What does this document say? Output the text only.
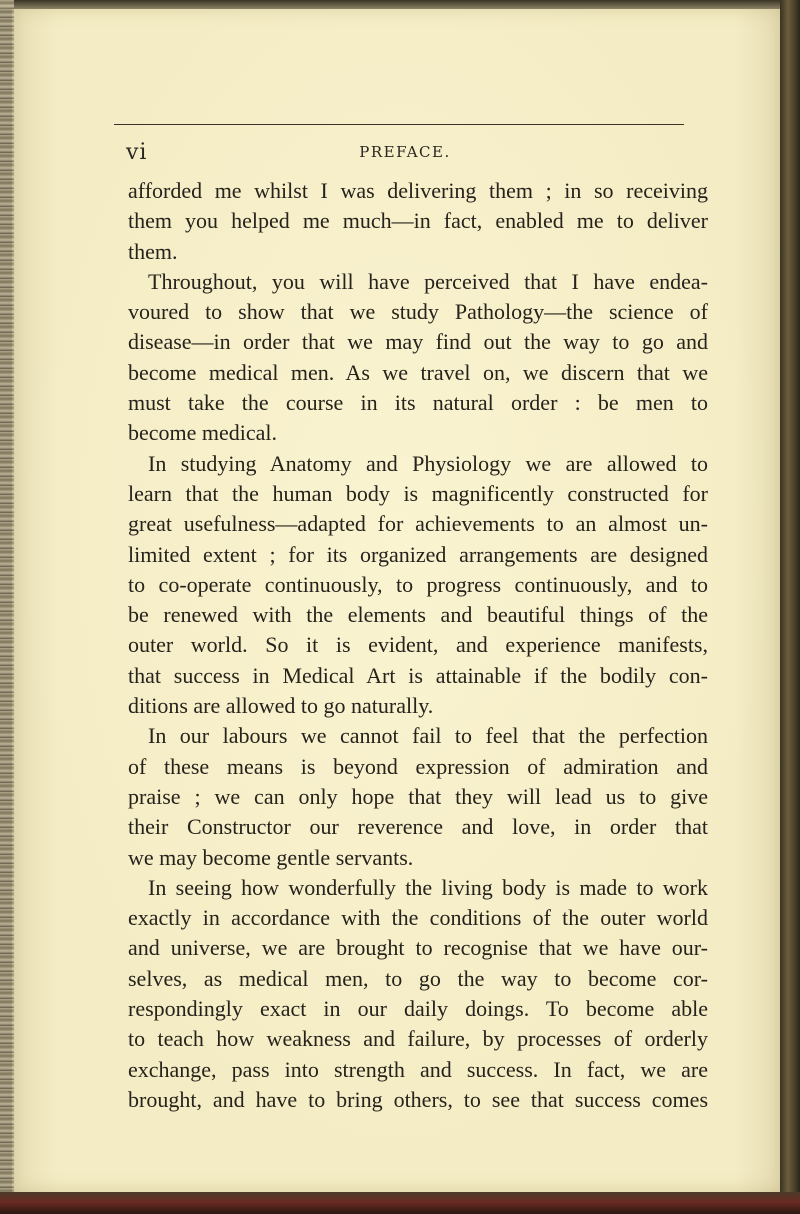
vi	PREFACE.
afforded me whilst I was delivering them ; in so receiving
them you helped me much—in fact, enabled me to deliver
them.
Throughout, you will have perceived that I have endea-
voured to show that we study Pathology—the science of
disease—in order that we may find out the way to go and
become medical men. As we travel on, we discern that we
must take the course in its natural order : be men to
become medical.
In studying Anatomy and Physiology we are allowed to
learn that the human body is magnificently constructed for
great usefulness—adapted for achievements to an almost un-
limited extent ; for its organized arrangements are designed
to co-operate continuously, to progress continuously, and to
be renewed with the elements and beautiful things of the
outer world. So it is evident, and experience manifests,
that success in Medical Art is attainable if the bodily con-
ditions are allowed to go naturally.
In our labours we cannot fail to feel that the perfection
of these means is beyond expression of admiration and
praise ; we can only hope that they will lead us to give
their Constructor our reverence and love, in order that
we may become gentle servants.
In seeing how wonderfully the living body is made to work
exactly in accordance with the conditions of the outer world
and universe, we are brought to recognise that we have our-
selves, as medical men, to go the way to become cor-
respondingly exact in our daily doings. To become able
to teach how weakness and failure, by processes of orderly
exchange, pass into strength and success. In fact, we are
brought, and have to bring others, to see that success comes
